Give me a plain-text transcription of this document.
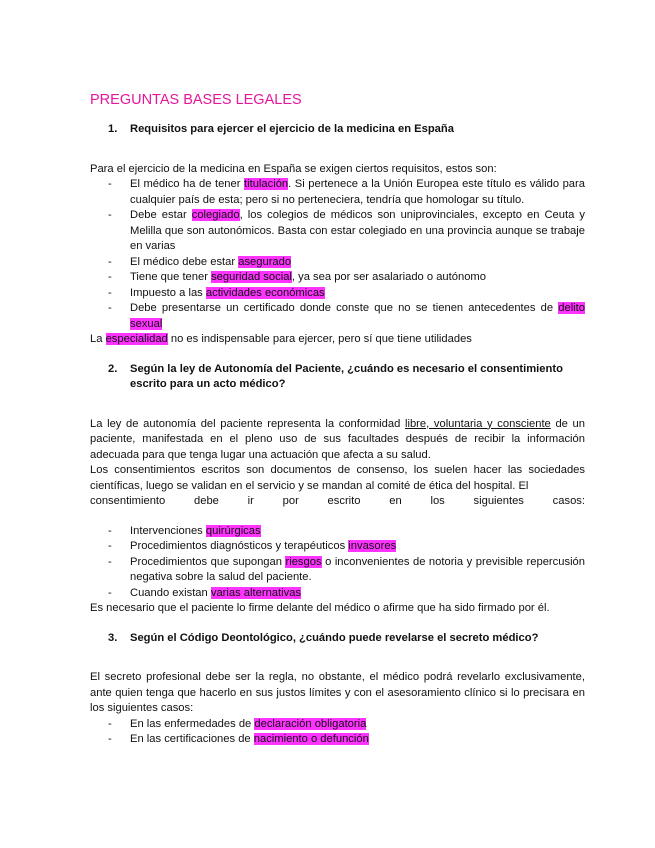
PREGUNTAS BASES LEGALES
1.	Requisitos para ejercer el ejercicio de la medicina en España

Para el ejercicio de la medicina en España se exigen ciertos requisitos, estos son:

-	El médico ha de tener titulación. Si pertenece a la Unión Europea este título es válido para cualquier país de esta; pero si no perteneciera, tendría que homologar su título.
-	Debe estar colegiado, los colegios de médicos son uniprovinciales, excepto en Ceuta y Melilla que son autonómicos. Basta con estar colegiado en una provincia aunque se trabaje en varias
-	El médico debe estar asegurado
-	Tiene que tener seguridad social, ya sea por ser asalariado o autónomo
-	Impuesto a las actividades económicas
-	Debe presentarse un certificado donde conste que no se tienen antecedentes de delito sexual

La especialidad no es indispensable para ejercer, pero sí que tiene utilidades

2.	Según la ley de Autonomía del Paciente, ¿cuándo es necesario el consentimiento escrito para un acto médico?

La ley de autonomía del paciente representa la conformidad libre, voluntaria y consciente de un paciente, manifestada en el pleno uso de sus facultades después de recibir la información adecuada para que tenga lugar una actuación que afecta a su salud.

Los consentimientos escritos son documentos de consenso, los suelen hacer las sociedades científicas, luego se validan en el servicio y se mandan al comité de ética del hospital. El

consentimiento debe ir por escrito en los siguientes casos:

-	Intervenciones quirúrgicas
-	Procedimientos diagnósticos y terapéuticos invasores
-	Procedimientos que supongan riesgos o inconvenientes de notoria y previsible repercusión negativa sobre la salud del paciente.
-	Cuando existan varias alternativas

Es necesario que el paciente lo firme delante del médico o afirme que ha sido firmado por él.

3.	Según el Código Deontológico, ¿cuándo puede revelarse el secreto médico?

El secreto profesional debe ser la regla, no obstante, el médico podrá revelarlo exclusivamente, ante quien tenga que hacerlo en sus justos límites y con el asesoramiento clínico si lo precisara en los siguientes casos:

-	En las enfermedades de declaración obligatoria
-	En las certificaciones de nacimiento o defunción
